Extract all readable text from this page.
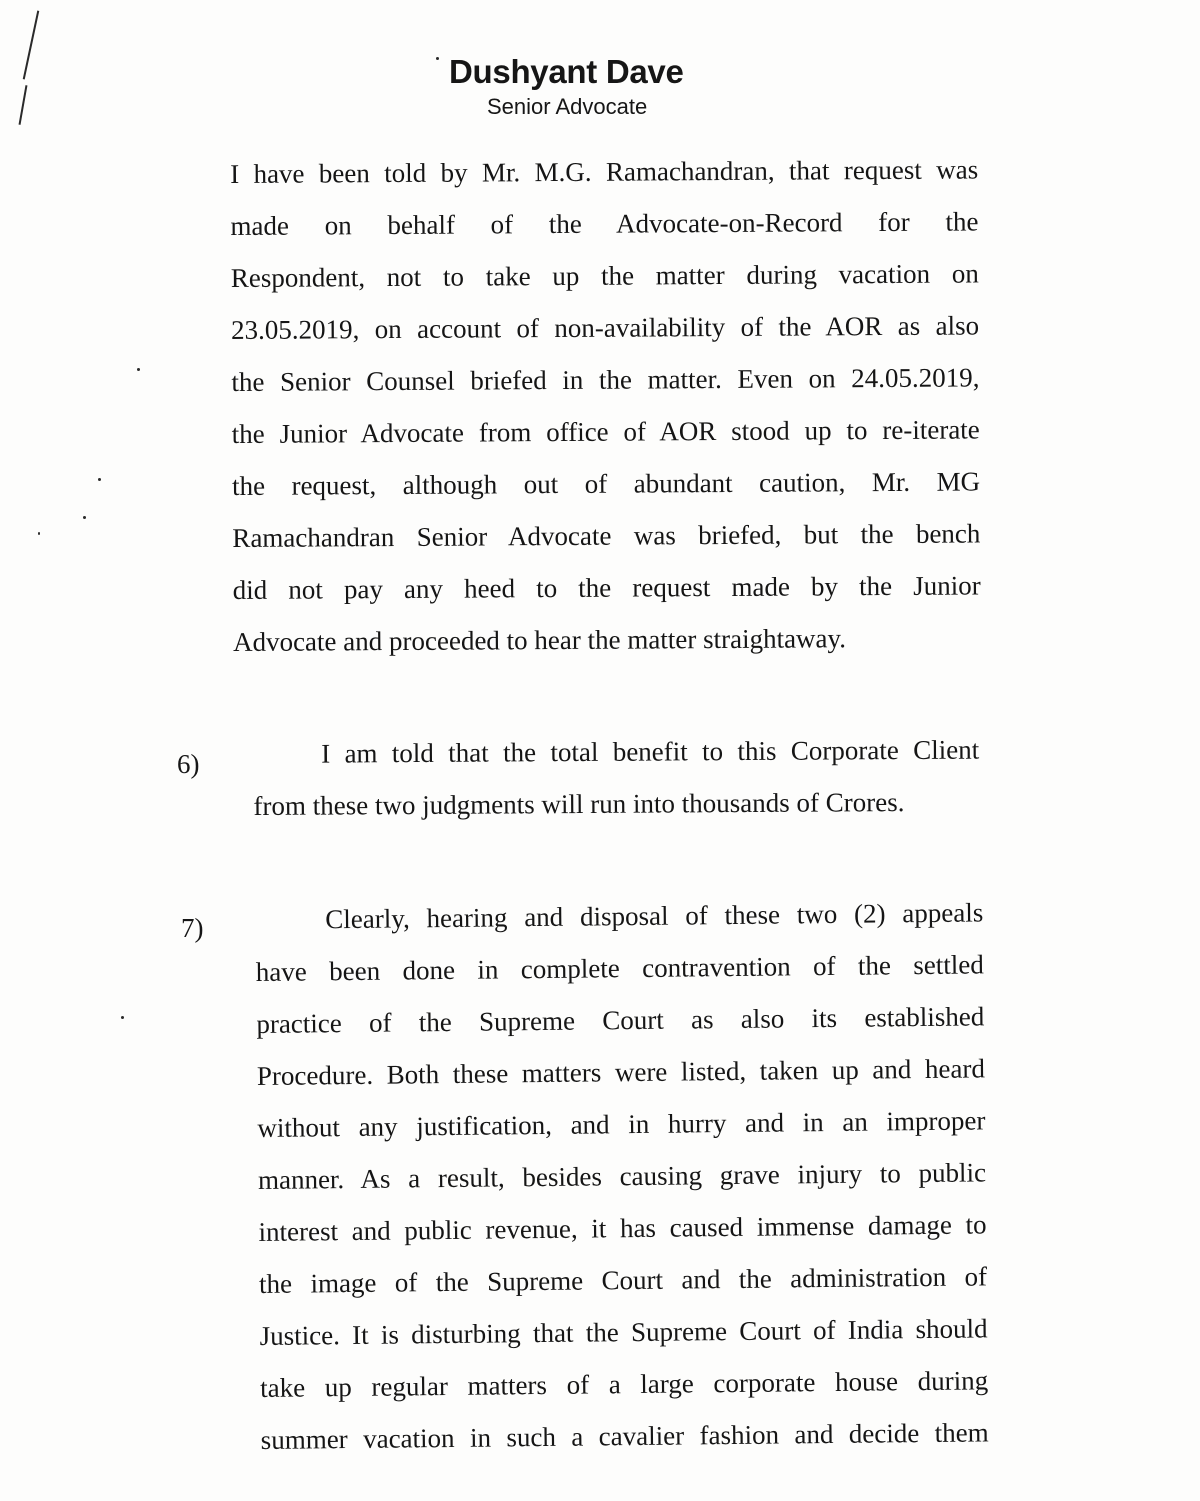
Dushyant Dave
Senior Advocate
I have been told by Mr. M.G. Ramachandran, that request was
made on behalf of the Advocate-on-Record for the
Respondent, not to take up the matter during vacation on
23.05.2019, on account of non-availability of the AOR as also
the Senior Counsel briefed in the matter. Even on 24.05.2019,
the Junior Advocate from office of AOR stood up to re-iterate
the request, although out of abundant caution, Mr. MG
Ramachandran Senior Advocate was briefed, but the bench
did not pay any heed to the request made by the Junior
Advocate and proceeded to hear the matter straightaway.
6)	I am told that the total benefit to this Corporate Client
from these two judgments will run into thousands of Crores.
7)	Clearly, hearing and disposal of these two (2) appeals
have been done in complete contravention of the settled
practice of the Supreme Court as also its established
Procedure. Both these matters were listed, taken up and heard
without any justification, and in hurry and in an improper
manner. As a result, besides causing grave injury to public
interest and public revenue, it has caused immense damage to
the image of the Supreme Court and the administration of
Justice. It is disturbing that the Supreme Court of India should
take up regular matters of a large corporate house during
summer vacation in such a cavalier fashion and decide them
